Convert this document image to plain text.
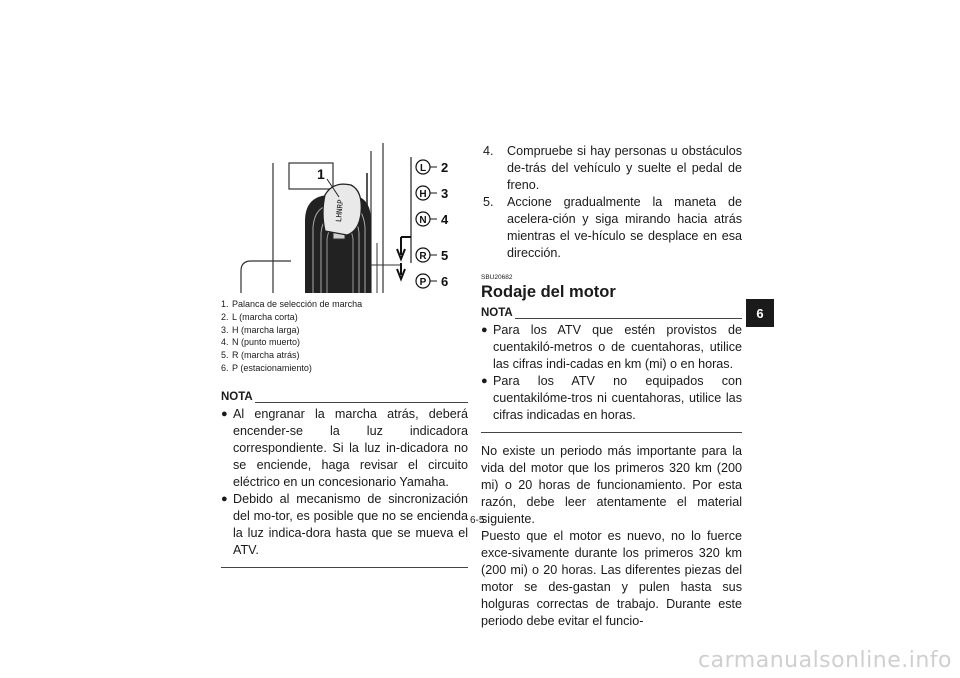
LHNRP
1	L 2
H 3
N 4
R 5
P 6
1. Palanca de selección de marcha
2. L (marcha corta)
3. H (marcha larga)
4. N (punto muerto)
5. R (marcha atrás)
6. P (estacionamiento)
NOTA
● Al engranar la marcha atrás, deberá encender-se la luz indicadora correspondiente. Si la luz in-dicadora no se enciende, haga revisar el circuito eléctrico en un concesionario Yamaha.
● Debido al mecanismo de sincronización del mo-tor, es posible que no se encienda la luz indica-dora hasta que se mueva el ATV.
4.	Compruebe si hay personas u obstáculos de-trás del vehículo y suelte el pedal de freno.
5.	Accione gradualmente la maneta de acelera-ción y siga mirando hacia atrás mientras el ve-hículo se desplace en esa dirección.
SBU20682
Rodaje del motor
NOTA
● Para los ATV que estén provistos de cuentakiló-metros o de cuentahoras, utilice las cifras indi-cadas en km (mi) o en horas.
● Para los ATV no equipados con cuentakilóme-tros ni cuentahoras, utilice las cifras indicadas en horas.
No existe un periodo más importante para la vida del motor que los primeros 320 km (200 mi) o 20 horas de funcionamiento. Por esta razón, debe leer atentamente el material siguiente.
Puesto que el motor es nuevo, no lo fuerce exce-sivamente durante los primeros 320 km (200 mi) o 20 horas. Las diferentes piezas del motor se des-gastan y pulen hasta sus holguras correctas de trabajo. Durante este periodo debe evitar el funcio-
6
6-5
carmanualsonline.info
